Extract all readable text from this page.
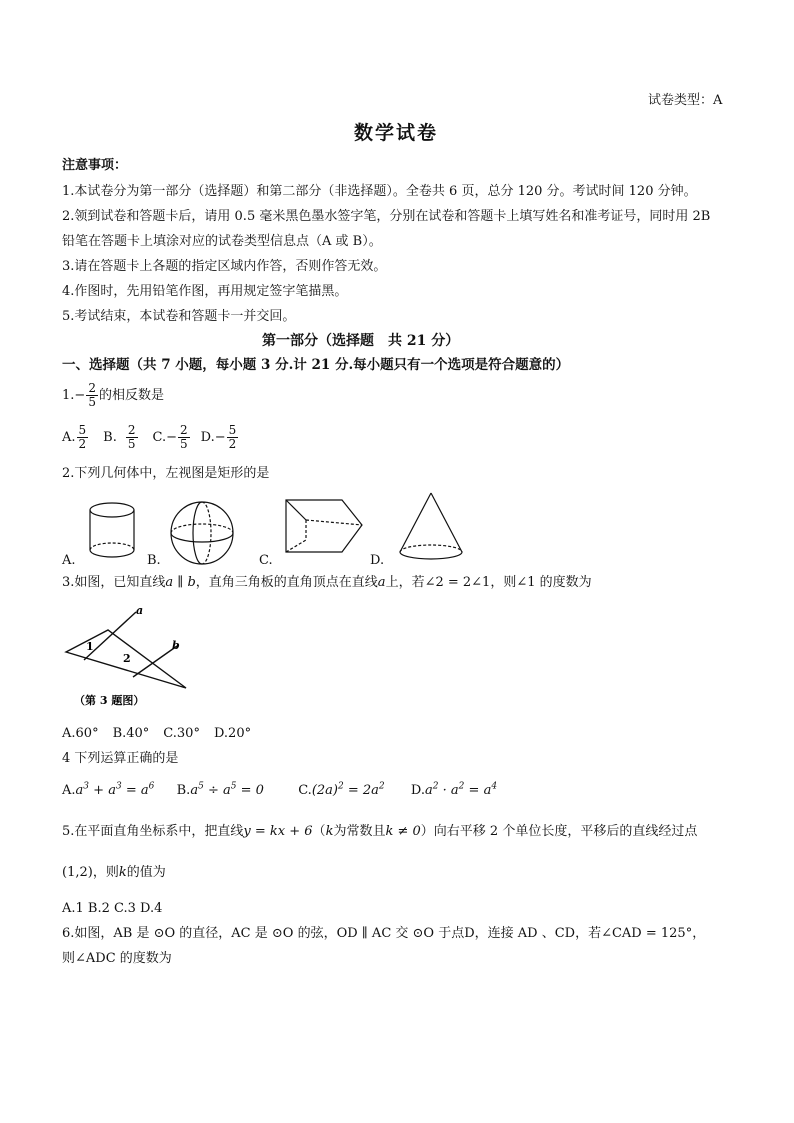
试卷类型：A
数学试卷
注意事项：
1.本试卷分为第一部分（选择题）和第二部分（非选择题）。全卷共 6 页，总分 120 分。考试时间 120 分钟。
2.领到试卷和答题卡后，请用 0.5 毫米黑色墨水签字笔，分别在试卷和答题卡上填写姓名和准考证号，同时用 2B
铅笔在答题卡上填涂对应的试卷类型信息点（A 或 B）。
3.请在答题卡上各题的指定区域内作答，否则作答无效。
4.作图时，先用铅笔作图，再用规定签字笔描黑。
5.考试结束，本试卷和答题卡一并交回。
第一部分（选择题　共 21 分）
一、选择题（共 7 小题，每小题 3 分.计 21 分.每小题只有一个选项是符合题意的）
1. − $\frac{2}{5}$ 的相反数是
A. $\frac{5}{2} B$. $\frac{2}{5} C$. − $\frac{2}{5} D$. − $\frac{5}{2}$
2.下列几何体中，左视图是矩形的是
A.	B.	C.	D.
3.如图，已知直线a ∥ b，直角三角板的直角顶点在直线a上，若∠2 = 2∠1，则∠1 的度数为
a
b
1
2
（第 3 题图）
A.60° B.40° C.30° D.20°
4 下列运算正确的是
$A.a^3 + a^3 = a^6$ $B.a^5 \div a^5 = 0$	$C.(2a)^2 = 2a^2$ $D.a^2 \cdot a^2 = a^4$
5.在平面直角坐标系中，把直线y = kx + 6（k为常数且k ≠ 0）向右平移 2 个单位长度，平移后的直线经过点
(1,2)，则k的值为
A.1 B.2 C.3 D.4
6.如图，AB 是 ⊙O 的直径，AC 是 ⊙O 的弦，OD ∥ AC 交 ⊙O 于点D，连接 AD 、CD，若∠CAD = 125°，
则∠ADC 的度数为
